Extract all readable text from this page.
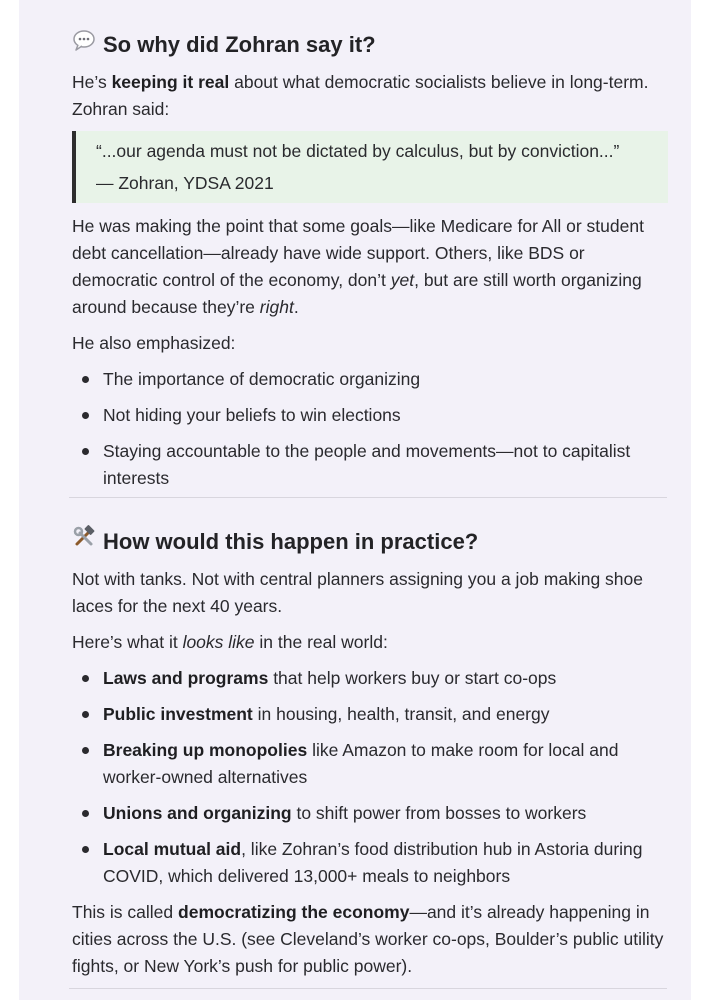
So why did Zohran say it?

He’s keeping it real about what democratic socialists believe in long-term. Zohran said:

“...our agenda must not be dictated by calculus, but by conviction...”
— Zohran, YDSA 2021

He was making the point that some goals—like Medicare for All or student debt cancellation—already have wide support. Others, like BDS or democratic control of the economy, don’t yet, but are still worth organizing around because they’re right.

He also emphasized:

The importance of democratic organizing
Not hiding your beliefs to win elections
Staying accountable to the people and movements—not to capitalist interests
How would this happen in practice?

Not with tanks. Not with central planners assigning you a job making shoe laces for the next 40 years.

Here’s what it looks like in the real world:

Laws and programs that help workers buy or start co-ops
Public investment in housing, health, transit, and energy
Breaking up monopolies like Amazon to make room for local and worker-owned alternatives
Unions and organizing to shift power from bosses to workers
Local mutual aid, like Zohran’s food distribution hub in Astoria during COVID, which delivered 13,000+ meals to neighbors

This is called democratizing the economy—and it’s already happening in cities across the U.S. (see Cleveland’s worker co-ops, Boulder’s public utility fights, or New York’s push for public power).
